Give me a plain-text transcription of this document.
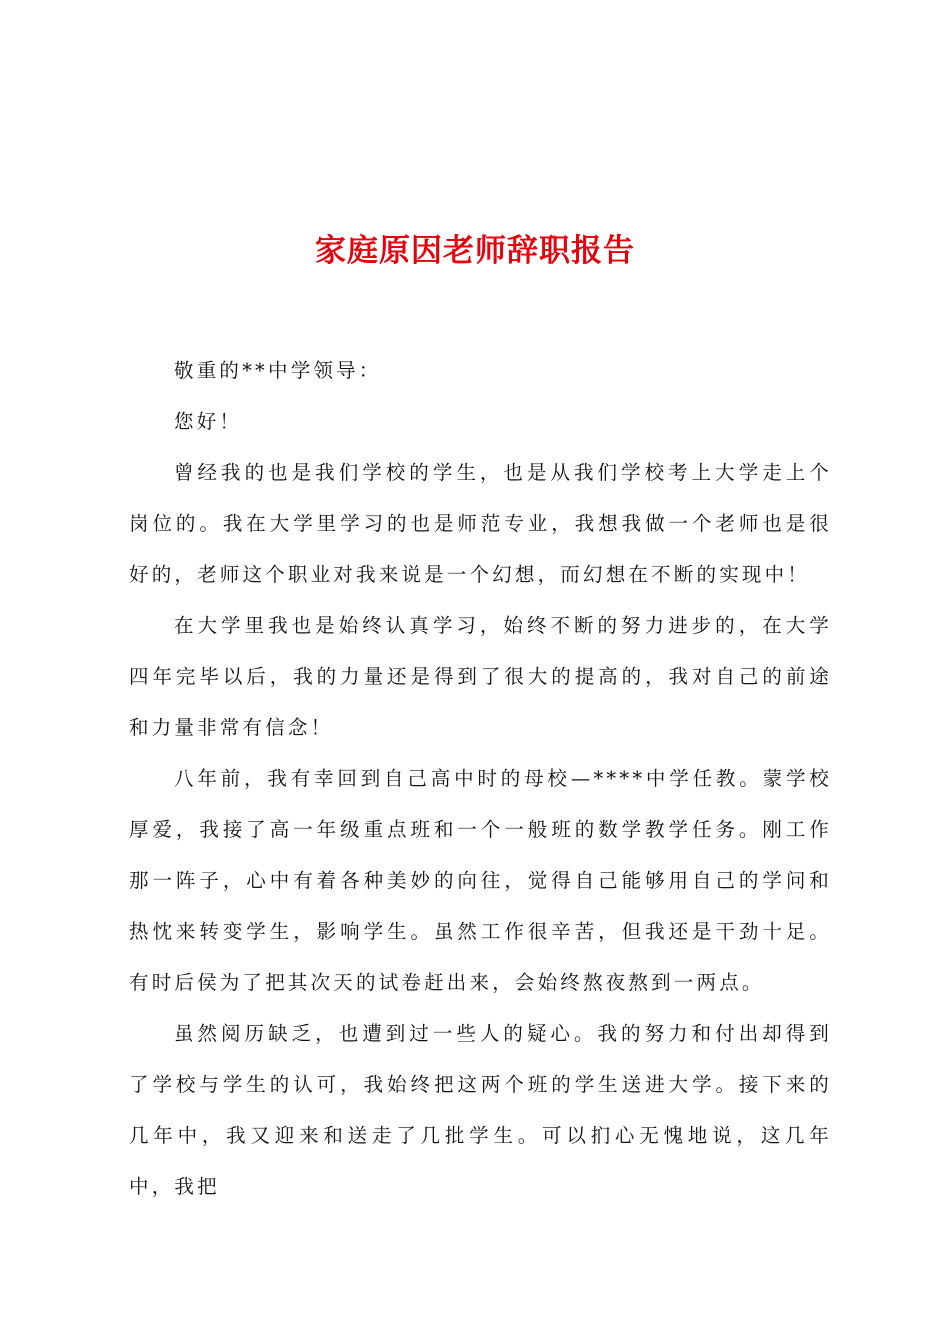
家庭原因老师辞职报告

敬重的**中学领导：

您好！

曾经我的也是我们学校的学生，也是从我们学校考上大学走上个岗位的。我在大学里学习的也是师范专业，我想我做一个老师也是很好的，老师这个职业对我来说是一个幻想，而幻想在不断的实现中！

在大学里我也是始终认真学习，始终不断的努力进步的，在大学四年完毕以后，我的力量还是得到了很大的提高的，我对自己的前途和力量非常有信念！

八年前，我有幸回到自己高中时的母校—****中学任教。蒙学校厚爱，我接了高一年级重点班和一个一般班的数学教学任务。刚工作那一阵子，心中有着各种美妙的向往，觉得自己能够用自己的学问和热忱来转变学生，影响学生。虽然工作很辛苦，但我还是干劲十足。有时后侯为了把其次天的试卷赶出来，会始终熬夜熬到一两点。

虽然阅历缺乏，也遭到过一些人的疑心。我的努力和付出却得到了学校与学生的认可，我始终把这两个班的学生送进大学。接下来的几年中，我又迎来和送走了几批学生。可以扪心无愧地说，这几年中，我把
